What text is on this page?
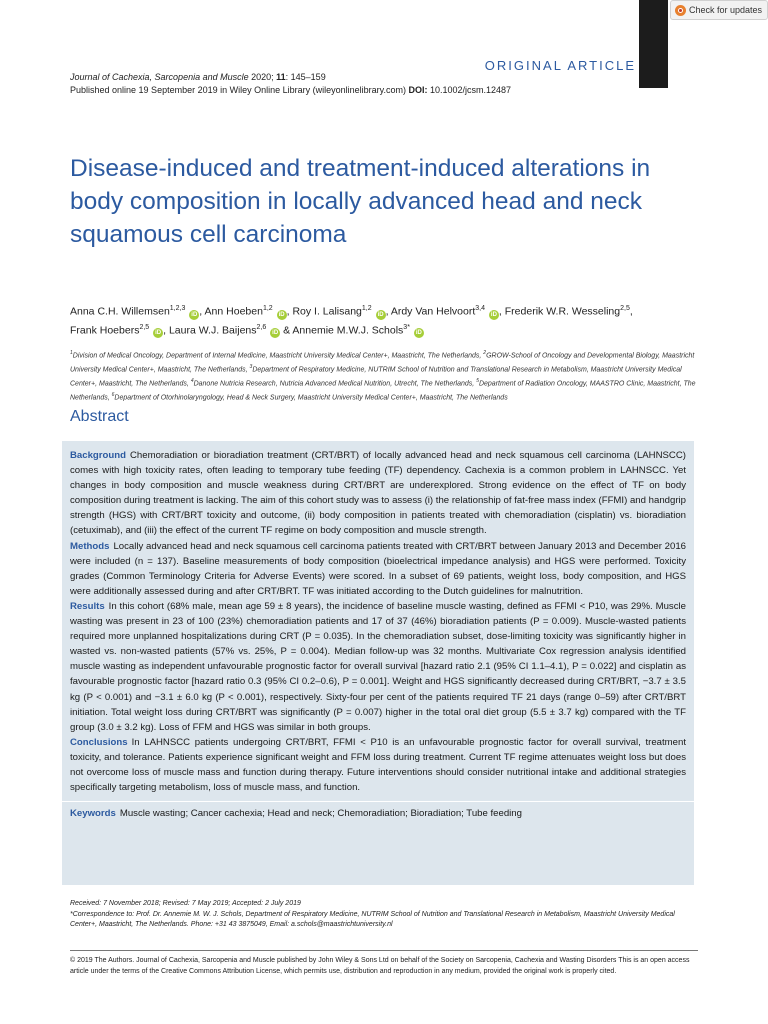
Check for updates
ORIGINAL ARTICLE
Journal of Cachexia, Sarcopenia and Muscle 2020; 11: 145–159
Published online 19 September 2019 in Wiley Online Library (wileyonlinelibrary.com) DOI: 10.1002/jcsm.12487
Disease-induced and treatment-induced alterations in body composition in locally advanced head and neck squamous cell carcinoma
Anna C.H. Willemsen$^{1,2,3}$ iD , Ann Hoeben$^{1,2}$ iD , Roy I. Lalisang$^{1,2}$ iD , Ardy Van Helvoort$^{3,4}$ iD , Frederik W.R. Wesseling$^{2,5}$,
Frank Hoebers$^{2,5}$ iD , Laura W.J. Baijens$^{2,6}$ iD & Annemie M.W.J. Schols$^{3*}$ iD
$^1$Division of Medical Oncology, Department of Internal Medicine, Maastricht University Medical Center+, Maastricht, The Netherlands, $^2$GROW-School of Oncology and Developmental Biology, Maastricht University Medical Center+, Maastricht, The Netherlands, $^3$Department of Respiratory Medicine, NUTRIM School of Nutrition and Translational Research in Metabolism, Maastricht University Medical Center+, Maastricht, The Netherlands, $^4$Danone Nutricia Research, Nutricia Advanced Medical Nutrition, Utrecht, The Netherlands, $^5$Department of Radiation Oncology, MAASTRO Clinic, Maastricht, The Netherlands, $^6$Department of Otorhinolaryngology, Head & Neck Surgery, Maastricht University Medical Center+, Maastricht, The Netherlands
Abstract

Background Chemoradiation or bioradiation treatment (CRT/BRT) of locally advanced head and neck squamous cell carcinoma (LAHNSCC) comes with high toxicity rates, often leading to temporary tube feeding (TF) dependency. Cachexia is a common problem in LAHNSCC. Yet changes in body composition and muscle weakness during CRT/BRT are underexplored. Strong evidence on the effect of TF on body composition during treatment is lacking. The aim of this cohort study was to assess (i) the relationship of fat-free mass index (FFMI) and handgrip strength (HGS) with CRT/BRT toxicity and outcome, (ii) body composition in patients treated with chemoradiation (cisplatin) vs. bioradiation (cetuximab), and (iii) the effect of the current TF regime on body composition and muscle strength.

Methods Locally advanced head and neck squamous cell carcinoma patients treated with CRT/BRT between January 2013 and December 2016 were included (n = 137). Baseline measurements of body composition (bioelectrical impedance analysis) and HGS were performed. Toxicity grades (Common Terminology Criteria for Adverse Events) were scored. In a subset of 69 patients, weight loss, body composition, and HGS were additionally assessed during and after CRT/BRT. TF was initiated according to the Dutch guidelines for malnutrition.

Results In this cohort (68% male, mean age 59 ± 8 years), the incidence of baseline muscle wasting, defined as FFMI < P10, was 29%. Muscle wasting was present in 23 of 100 (23%) chemoradiation patients and 17 of 37 (46%) bioradiation patients (P = 0.009). Muscle-wasted patients required more unplanned hospitalizations during CRT (P = 0.035). In the chemoradiation subset, dose-limiting toxicity was significantly higher in wasted vs. non-wasted patients (57% vs. 25%, P = 0.004). Median follow-up was 32 months. Multivariate Cox regression analysis identified muscle wasting as independent unfavourable prognostic factor for overall survival [hazard ratio 2.1 (95% CI 1.1–4.1), P = 0.022] and cisplatin as favourable prognostic factor [hazard ratio 0.3 (95% CI 0.2–0.6), P = 0.001]. Weight and HGS significantly decreased during CRT/BRT, −3.7 ± 3.5 kg (P < 0.001) and −3.1 ± 6.0 kg (P < 0.001), respectively. Sixty-four per cent of the patients required TF 21 days (range 0–59) after CRT/BRT initiation. Total weight loss during CRT/BRT was significantly (P = 0.007) higher in the total oral diet group (5.5 ± 3.7 kg) compared with the TF group (3.0 ± 3.2 kg). Loss of FFM and HGS was similar in both groups.

Conclusions In LAHNSCC patients undergoing CRT/BRT, FFMI < P10 is an unfavourable prognostic factor for overall survival, treatment toxicity, and tolerance. Patients experience significant weight and FFM loss during treatment. Current TF regime attenuates weight loss but does not overcome loss of muscle mass and function during therapy. Future interventions should consider nutritional intake and additional strategies specifically targeting metabolism, loss of muscle mass, and function.

Keywords Muscle wasting; Cancer cachexia; Head and neck; Chemoradiation; Bioradiation; Tube feeding

Received: 7 November 2018; Revised: 7 May 2019; Accepted: 2 July 2019
*Correspondence to: Prof. Dr. Annemie M. W. J. Schols, Department of Respiratory Medicine, NUTRIM School of Nutrition and Translational Research in Metabolism, Maastricht University Medical Center+, Maastricht, The Netherlands. Phone: +31 43 3875049, Email: a.schols@maastrichtuniversity.nl
© 2019 The Authors. Journal of Cachexia, Sarcopenia and Muscle published by John Wiley & Sons Ltd on behalf of the Society on Sarcopenia, Cachexia and Wasting Disorders This is an open access article under the terms of the Creative Commons Attribution License, which permits use, distribution and reproduction in any medium, provided the original work is properly cited.
